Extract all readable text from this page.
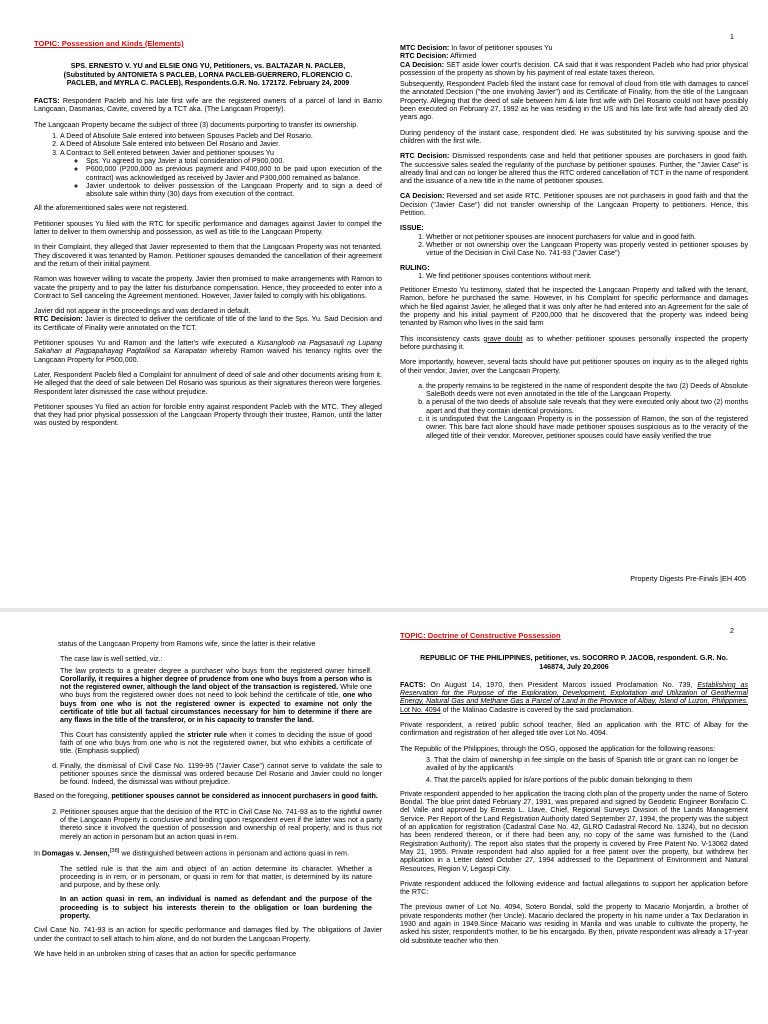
1
TOPIC: Possession and Kinds (Elements)
SPS. ERNESTO V. YU and ELSIE ONG YU, Petitioners, vs. BALTAZAR N. PACLEB, (Substituted by ANTONIETA S PACLEB, LORNA PACLEB-GUERRERO, FLORENCIO C. PACLEB, and MYRLA C. PACLEB), Respondents.G.R. No. 172172. February 24, 2009

FACTS: Respondent Pacleb and his late first wife are the registered owners of a parcel of land in Barrio Langcaan, Dasmarias, Cavite, covered by a TCT aka. (The Langcaan Property).

The Langcaan Property became the subject of three (3) documents purporting to transfer its ownership.

1. A Deed of Absolute Sale entered into between Spouses Pacleb and Del Rosario.
2. A Deed of Absolute Sale entered into between Del Rosario and Javier.
3. A Contract to Sell entered between Javier and petitioner spouses Yu
◦ Sps. Yu agreed to pay Javier a total consideration of P900,000.
◦ P600,000 (P200,000 as previous payment and P400,000 to be paid upon execution of the contract) was acknowledged as received by Javier and P300,000 remained as balance.
◦ Javier undertook to deliver possession of the Langcaan Property and to sign a deed of absolute sale within thirty (30) days from execution of the contract.

All the aforementioned sales were not registered.

Petitioner spouses Yu filed with the RTC for specific performance and damages against Javier to compel the latter to deliver to them ownership and possession, as well as title to the Langcaan Property.

In their Complaint, they alleged that Javier represented to them that the Langcaan Property was not tenanted. They discovered it was tenanted by Ramon. Petitioner spouses demanded the cancellation of their agreement and the return of their initial payment.

Ramon was however willing to vacate the property. Javier then promised to make arrangements with Ramon to vacate the property and to pay the latter his disturbance compensation. Hence, they proceeded to enter into a Contract to Sell canceling the Agreement mentioned. However, Javier failed to comply with his obligations.

Javier did not appear in the proceedings and was declared in default.
RTC Decision: Javier is directed to deliver the certificate of title of the land to the Sps. Yu. Said Decision and its Certificate of Finality were annotated on the TCT.

Petitioner spouses Yu and Ramon and the latter's wife executed a Kusangloob na Pagsasauli ng Lupang Sakahan at Pagpapahayag Pagtalikod sa Karapatan whereby Ramon waived his tenancy rights over the Langcaan Property for P500,000.

Later, Respondent Pacleb filed a Complaint for annulment of deed of sale and other documents arising from it. He alleged that the deed of sale between Del Rosario was spurious as their signatures thereon were forgeries. Respondent later dismissed the case without prejudice.

Petitioner spouses Yu filed an action for forcible entry against respondent Pacleb with the MTC. They alleged that they had prior physical possession of the Langcaan Property through their trustee, Ramon, until the latter was ousted by respondent.

MTC Decision: In favor of petitioner spouses Yu
RTC Decision: Affirmed
CA Decision: SET aside lower court's decision. CA said that it was respondent Pacleb who had prior physical possession of the property as shown by his payment of real estate taxes thereon.

Subsequently, Respondent Pacleb filed the instant case for removal of cloud from title with damages to cancel the annotated Decision ("the one involving Javier") and its Certificate of Finality, from the title of the Langcaan Property. Alleging that the deed of sale between him & late first wife with Del Rosario could not have possibly been executed on February 27, 1992 as he was residing in the US and his late first wife had already died 20 years ago.

During pendency of the instant case, respondent died. He was substituted by his surviving spouse and the children with the first wife.

RTC Decision: Dismissed respondents case and held that petitioner spouses are purchasers in good faith. The successive sales sealed the regularity of the purchase by petitioner spouses. Further, the "Javier Case" is already final and can no longer be altered thus the RTC ordered cancellation of TCT in the name of respondent and the issuance of a new title in the name of petitioner spouses.

CA Decision: Reversed and set aside RTC. Petitioner spouses are not purchasers in good faith and that the Decision ("Javier Case") did not transfer ownership of the Langcaan Property to petitioners. Hence, this Petition.

ISSUE:
1. Whether or not petitioner spouses are innocent purchasers for value and in good faith.
2. Whether or not ownership over the Langcaan Property was properly vested in petitioner spouses by virtue of the Decision in Civil Case No. 741-93 ("Javier Case")
RULING:
1. We find petitioner spouses contentions without merit.

Petitioner Ernesto Yu testimony, stated that he inspected the Langcaan Property and talked with the tenant, Ramon, before he purchased the same. However, in his Complaint for specific performance and damages which he filed against Javier, he alleged that it was only after he had entered into an Agreement for the sale of the property and his initial payment of P200,000 that he discovered that the property was indeed being tenanted by Ramon who lives in the said farm

This inconsistency casts grave doubt as to whether petitioner spouses personally inspected the property before purchasing it.

More importantly, however, several facts should have put petitioner spouses on inquiry as to the alleged rights of their vendor, Javier, over the Langcaan Property.

a. the property remains to be registered in the name of respondent despite the two (2) Deeds of Absolute SaleBoth deeds were not even annotated in the title of the Langcaan Property.
b. a perusal of the two deeds of absolute sale reveals that they were executed only about two (2) months apart and that they contain identical provisions.
c. it is undisputed that the Langcaan Property is in the possession of Ramon, the son of the registered owner. This bare fact alone should have made petitioner spouses suspicious as to the veracity of the alleged title of their vendor. Moreover, petitioner spouses could have easily verified the true
Property Digests Pre-Finals |EH 405
2

status of the Langcaan Property from Ramons wife, since the latter is their relative

The case law is well settled, viz.:

The law protects to a greater degree a purchaser who buys from the registered owner himself. Corollarily, it requires a higher degree of prudence from one who buys from a person who is not the registered owner, although the land object of the transaction is registered. While one who buys from the registered owner does not need to look behind the certificate of title, one who buys from one who is not the registered owner is expected to examine not only the certificate of title but all factual circumstances necessary for him to determine if there are any flaws in the title of the transferor, or in his capacity to transfer the land.

This Court has consistently applied the stricter rule when it comes to deciding the issue of good faith of one who buys from one who is not the registered owner, but who exhibits a certificate of title. (Emphasis supplied)

d. Finally, the dismissal of Civil Case No. 1199-95 ("Javier Case") cannot serve to validate the sale to petitioner spouses since the dismissal was ordered because Del Rosario and Javier could no longer be found. Indeed, the dismissal was without prejudice.

Based on the foregoing, petitioner spouses cannot be considered as innocent purchasers in good faith.

2. Petitioner spouses argue that the decision of the RTC in Civil Case No. 741-93 as to the rightful owner of the Langcaan Property is conclusive and binding upon respondent even if the latter was not a party thereto since it involved the question of possession and ownership of real property, and is thus not merely an action in personam but an action quasi in rem.

In Domagas v. Jensen,[38] we distinguished between actions in personam and actions quasi in rem.

The settled rule is that the aim and object of an action determine its character. Whether a proceeding is in rem, or in personam, or quasi in rem for that matter, is determined by its nature and purpose, and by these only.

In an action quasi in rem, an individual is named as defendant and the purpose of the proceeding is to subject his interests therein to the obligation or loan burdening the property.

Civil Case No. 741-93 is an action for specific performance and damages filed by. The obligations of Javier under the contract to sell attach to him alone, and do not burden the Langcaan Property.

We have held in an unbroken string of cases that an action for specific performance

TOPIC: Doctrine of Constructive Possession
REPUBLIC OF THE PHILIPPINES, petitioner, vs. SOCORRO P. JACOB, respondent. G.R. No. 146874, July 20,2006

FACTS: On August 14, 1970, then President Marcos issued Proclamation No. 739, Establishing as Reservation for the Purpose of the Exploration, Development, Exploitation and Utilization of Geothermal Energy, Natural Gas and Methane Gas a Parcel of Land in the Province of Albay, Island of Luzon, Philippines. Lot No. 4094 of the Malinao Cadastre is covered by the said proclamation.

Private respondent, a retired public school teacher, filed an application with the RTC of Albay for the confirmation and registration of her alleged title over Lot No. 4094.

The Republic of the Philippines, through the OSG, opposed the application for the following reasons:

3. That the claim of ownership in fee simple on the basis of Spanish title or grant can no longer be availed of by the applicant/s
4. That the parcel/s applied for is/are portions of the public domain belonging to them

Private respondent appended to her application the tracing cloth plan of the property under the name of Sotero Bondal. The blue print dated February 27, 1991, was prepared and signed by Geodetic Engineer Bonifacio C. del Valle and approved by Ernesto L. Llave, Chief, Regional Surveys Division of the Lands Management Service. Per Report of the Land Registration Authority dated September 27, 1994, the property was the subject of an application for registration (Cadastral Case No. 42, GLRO Cadastral Record No. 1324), but no decision has been rendered thereon, or if there had been any, no copy of the same was furnished to the (Land Registration Authority). The report also states that the property is covered by Free Patent No. V-13062 dated May 21, 1955. Private respondent had also applied for a free patent over the property, but withdrew her application in a Letter dated October 27, 1994 addressed to the Department of Environment and Natural Resources, Region V, Legaspi City.

Private respondent adduced the following evidence and factual allegations to support her application before the RTC:

The previous owner of Lot No. 4094, Sotero Bondal, sold the property to Macario Monjardin, a brother of private respondents mother (her Uncle). Macario declared the property in his name under a Tax Declaration in 1930 and again in 1949.Since Macario was residing in Manila and was unable to cultivate the property, he asked his sister, respondent's mother, to be his encargado. By then, private respondent was already a 17-year old substitute teacher who then
